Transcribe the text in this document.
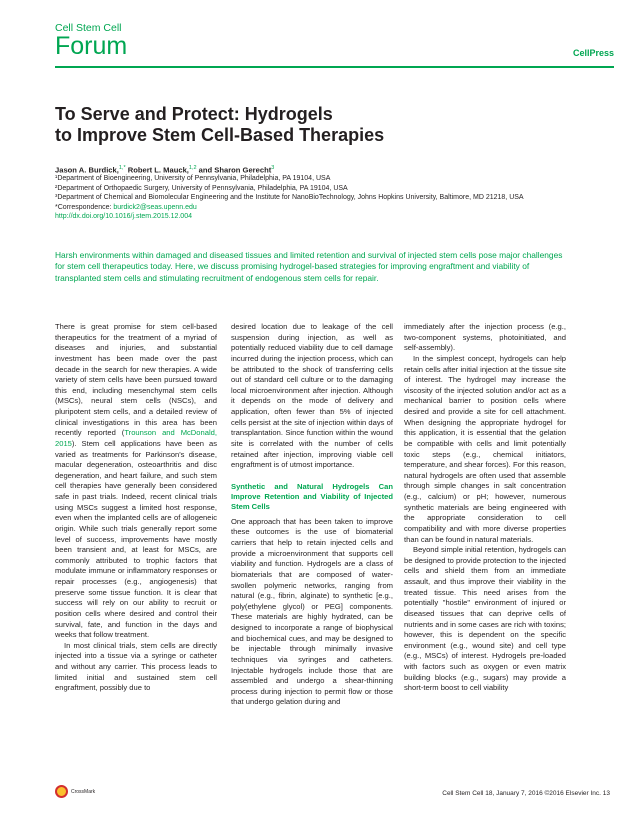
Cell Stem Cell
Forum	CellPress
To Serve and Protect: Hydrogels
to Improve Stem Cell-Based Therapies
Jason A. Burdick,$^{1,*}$ Robert L. Mauck,$^{1,2}$ and Sharon Gerecht$^3$

¹Department of Bioengineering, University of Pennsylvania, Philadelphia, PA 19104, USA

²Department of Orthopaedic Surgery, University of Pennsylvania, Philadelphia, PA 19104, USA

³Department of Chemical and Biomolecular Engineering and the Institute for NanoBioTechnology, Johns Hopkins University, Baltimore, MD 21218, USA

*Correspondence: burdick2@seas.upenn.edu

http://dx.doi.org/10.1016/j.stem.2015.12.004

Harsh environments within damaged and diseased tissues and limited retention and survival of injected stem cells pose major challenges for stem cell therapeutics today. Here, we discuss promising hydrogel-based strategies for improving engraftment and viability of transplanted stem cells and stimulating recruitment of endogenous stem cells for repair.

There is great promise for stem cell-based therapeutics for the treatment of a myriad of diseases and injuries, and substantial investment has been made over the past decade in the search for new therapies. A wide variety of stem cells have been pursued toward this end, including mesenchymal stem cells (MSCs), neural stem cells (NSCs), and pluripotent stem cells, and a detailed review of clinical investigations in this area has been recently reported (Trounson and McDonald, 2015). Stem cell applications have been as varied as treatments for Parkinson's disease, macular degeneration, osteoarthritis and disc degeneration, and heart failure, and such stem cell therapies have generally been considered safe in past trials. Indeed, recent clinical trials using MSCs suggest a limited host response, even when the implanted cells are of allogeneic origin. While such trials generally report some level of success, improvements have mostly been transient and, at least for MSCs, are commonly attributed to trophic factors that modulate immune or inflammatory responses or repair processes (e.g., angiogenesis) that preserve some tissue function. It is clear that success will rely on our ability to recruit or position cells where desired and control their survival, fate, and function in the days and weeks that follow treatment.

In most clinical trials, stem cells are directly injected into a tissue via a syringe or catheter and without any carrier. This process leads to limited initial and sustained stem cell engraftment, possibly due to

desired location due to leakage of the cell suspension during injection, as well as potentially reduced viability due to cell damage incurred during the injection process, which can be attributed to the shock of transferring cells out of standard cell culture or to the damaging local microenvironment after injection. Although it depends on the mode of delivery and application, often fewer than 5% of injected cells persist at the site of injection within days of transplantation. Since function within the wound site is correlated with the number of cells retained after injection, improving viable cell engraftment is of utmost importance.

Synthetic and Natural Hydrogels Can Improve Retention and Viability of Injected Stem Cells

One approach that has been taken to improve these outcomes is the use of biomaterial carriers that help to retain injected cells and provide a microenvironment that supports cell viability and function. Hydrogels are a class of biomaterials that are composed of water-swollen polymeric networks, ranging from natural (e.g., fibrin, alginate) to synthetic [e.g., poly(ethylene glycol) or PEG] components. These materials are highly hydrated, can be designed to incorporate a range of biophysical and biochemical cues, and may be designed to be injectable through minimally invasive techniques via syringes and catheters. Injectable hydrogels include those that are assembled and undergo a shear-thinning process during injection to permit flow or those that undergo gelation during and

immediately after the injection process (e.g., two-component systems, photoinitiated, and self-assembly).

In the simplest concept, hydrogels can help retain cells after initial injection at the tissue site of interest. The hydrogel may increase the viscosity of the injected solution and/or act as a mechanical barrier to position cells where desired and provide a site for cell attachment. When designing the appropriate hydrogel for this application, it is essential that the gelation be compatible with cells and limit potentially toxic steps (e.g., chemical initiators, temperature, and shear forces). For this reason, natural hydrogels are often used that assemble through simple changes in salt concentration (e.g., calcium) or pH; however, numerous synthetic materials are being engineered with the appropriate consideration to cell compatibility and with more diverse properties than can be found in natural materials.

Beyond simple initial retention, hydrogels can be designed to provide protection to the injected cells and shield them from an immediate assault, and thus improve their viability in the treated tissue. This need arises from the potentially "hostile" environment of injured or diseased tissues that can deprive cells of nutrients and in some cases are rich with toxins; however, this is dependent on the specific environment (e.g., wound site) and cell type (e.g., MSCs) of interest. Hydrogels pre-loaded with factors such as oxygen or even matrix building blocks (e.g., sugars) may provide a short-term boost to cell viability

CrossMark	Cell Stem Cell 18, January 7, 2016 ©2016 Elsevier Inc. 13
